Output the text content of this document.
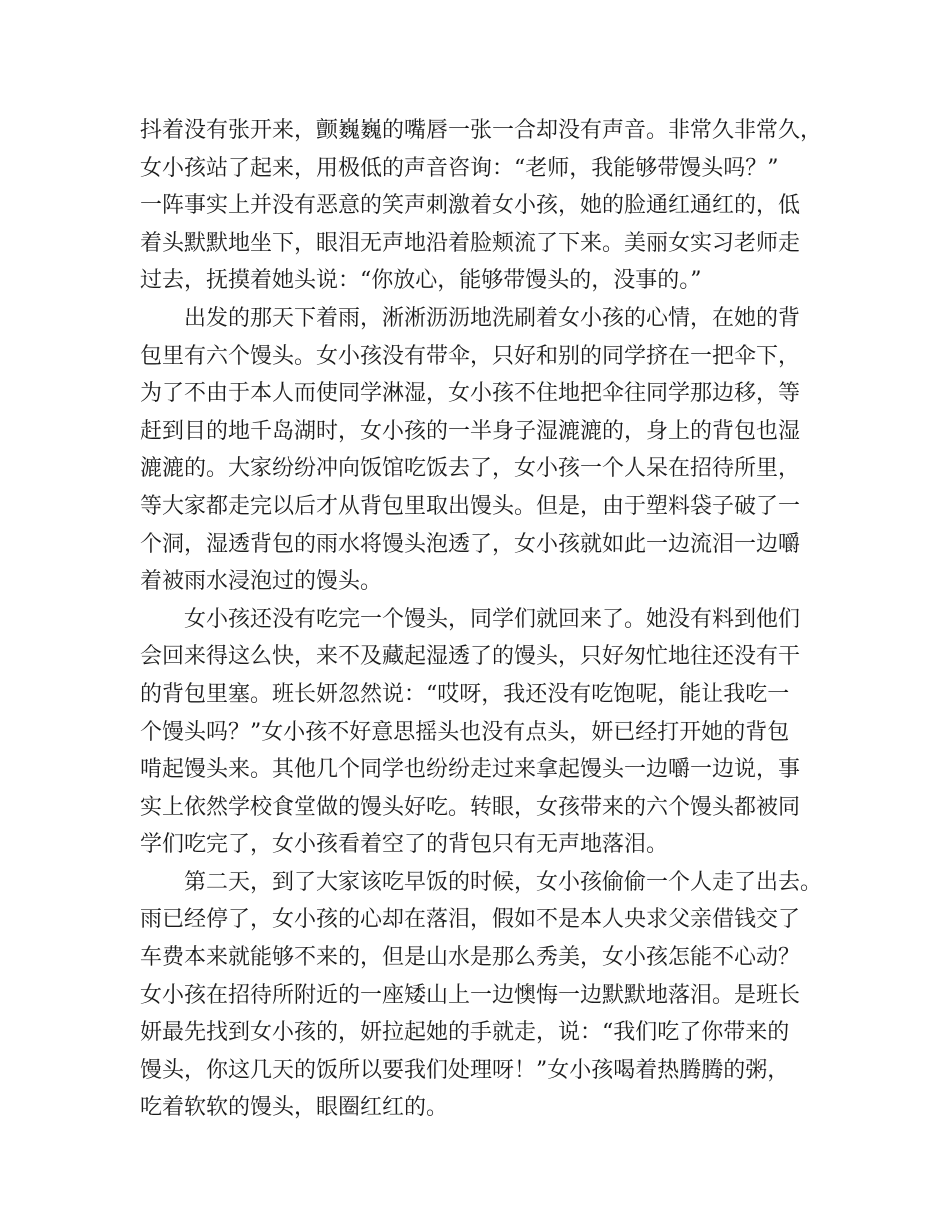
抖着没有张开来，颤巍巍的嘴唇一张一合却没有声音。非常久非常久，
女小孩站了起来，用极低的声音咨询：“老师，我能够带馒头吗？”
一阵事实上并没有恶意的笑声刺激着女小孩，她的脸通红通红的，低
着头默默地坐下，眼泪无声地沿着脸颊流了下来。美丽女实习老师走
过去，抚摸着她头说：“你放心，能够带馒头的，没事的。”
　　出发的那天下着雨，淅淅沥沥地洗刷着女小孩的心情，在她的背
包里有六个馒头。女小孩没有带伞，只好和别的同学挤在一把伞下，
为了不由于本人而使同学淋湿，女小孩不住地把伞往同学那边移，等
赶到目的地千岛湖时，女小孩的一半身子湿漉漉的，身上的背包也湿
漉漉的。大家纷纷冲向饭馆吃饭去了，女小孩一个人呆在招待所里，
等大家都走完以后才从背包里取出馒头。但是，由于塑料袋子破了一
个洞，湿透背包的雨水将馒头泡透了，女小孩就如此一边流泪一边嚼
着被雨水浸泡过的馒头。
　　女小孩还没有吃完一个馒头，同学们就回来了。她没有料到他们
会回来得这么快，来不及藏起湿透了的馒头，只好匆忙地往还没有干
的背包里塞。班长妍忽然说：“哎呀，我还没有吃饱呢，能让我吃一
个馒头吗？”女小孩不好意思摇头也没有点头，妍已经打开她的背包
啃起馒头来。其他几个同学也纷纷走过来拿起馒头一边嚼一边说，事
实上依然学校食堂做的馒头好吃。转眼，女孩带来的六个馒头都被同
学们吃完了，女小孩看着空了的背包只有无声地落泪。
　　第二天，到了大家该吃早饭的时候，女小孩偷偷一个人走了出去。
雨已经停了，女小孩的心却在落泪，假如不是本人央求父亲借钱交了
车费本来就能够不来的，但是山水是那么秀美，女小孩怎能不心动？
女小孩在招待所附近的一座矮山上一边懊悔一边默默地落泪。是班长
妍最先找到女小孩的，妍拉起她的手就走，说：“我们吃了你带来的
馒头，你这几天的饭所以要我们处理呀！”女小孩喝着热腾腾的粥，
吃着软软的馒头，眼圈红红的。
